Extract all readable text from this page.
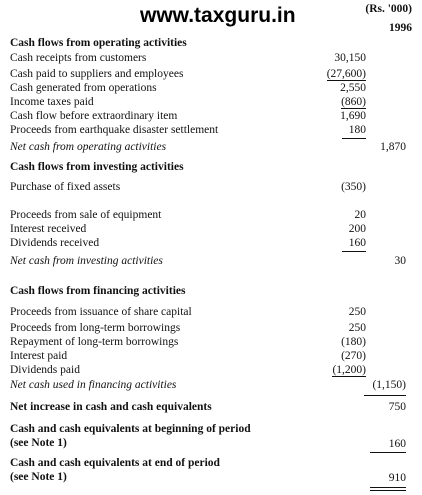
www.taxguru.in	(Rs. '000)
1996
Cash flows from operating activities
Cash receipts from customers	30,150
Cash paid to suppliers and employees	(27,600)
Cash generated from operations	2,550
Income taxes paid	(860)
Cash flow before extraordinary item	1,690
Proceeds from earthquake disaster settlement	180
Net cash from operating activities	1,870
Cash flows from investing activities
Purchase of fixed assets	(350)
Proceeds from sale of equipment	20
Interest received	200
Dividends received	160
Net cash from investing activities	30
Cash flows from financing activities
Proceeds from issuance of share capital	250
Proceeds from long-term borrowings	250
Repayment of long-term borrowings	(180)
Interest paid	(270)
Dividends paid	(1,200)
Net cash used in financing activities	(1,150)
Net increase in cash and cash equivalents	750
Cash and cash equivalents at beginning of period
(see Note 1)	160
Cash and cash equivalents at end of period
(see Note 1)	910
